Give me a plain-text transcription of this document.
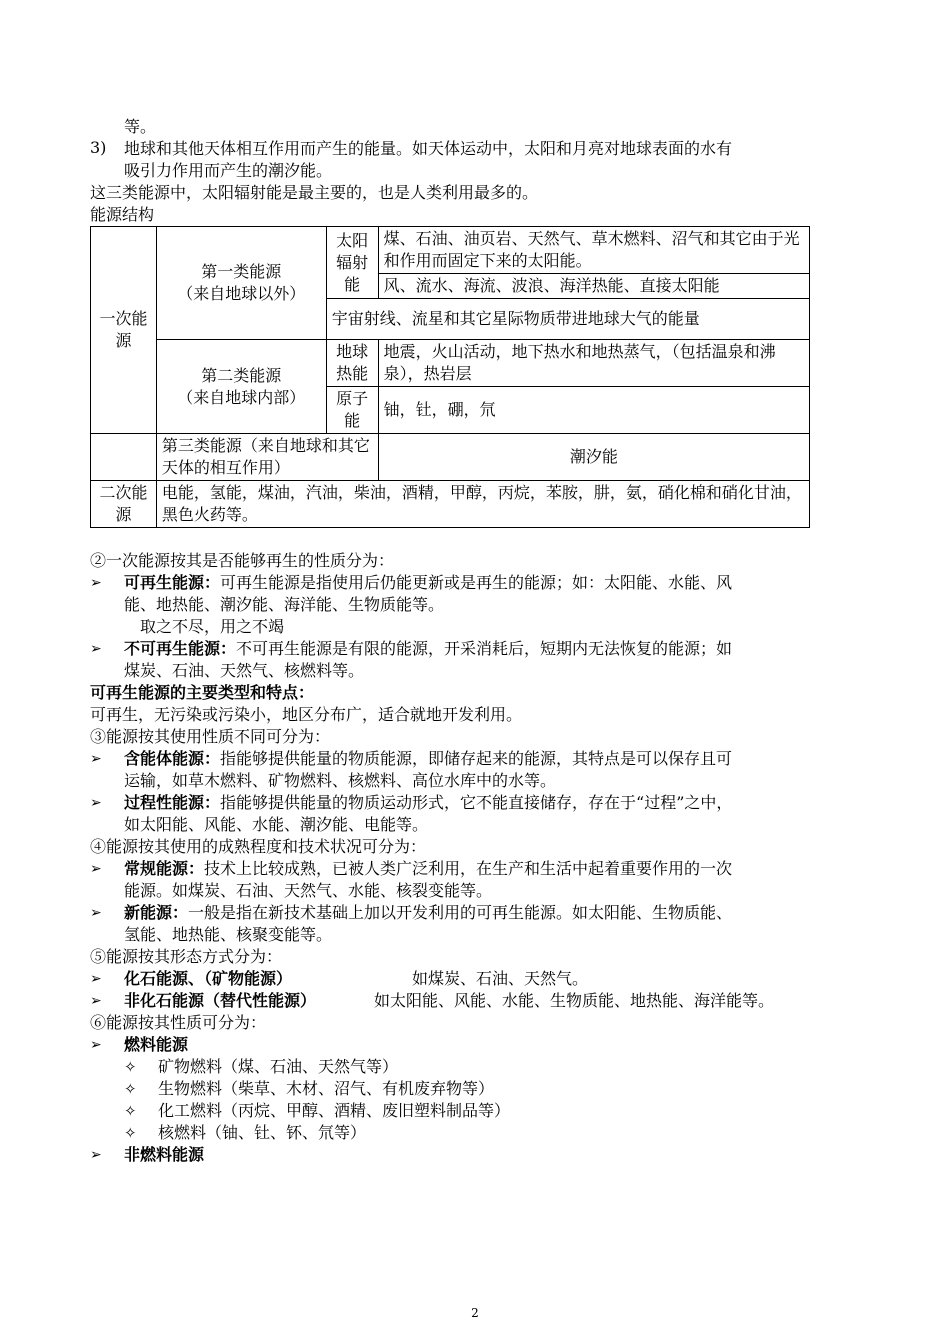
等。

3)	地球和其他天体相互作用而产生的能量。如天体运动中，太阳和月亮对地球表面的水有

吸引力作用而产生的潮汐能。

这三类能源中，太阳辐射能是最主要的，也是人类利用最多的。

能源结构

一次能源	第一类能源
（来自地球以外）	太阳辐射能	煤、石油、油页岩、天然气、草木燃料、沼气和其它由于光和作用而固定下来的太阳能。
			风、流水、海流、波浪、海洋热能、直接太阳能
		宇宙射线、流星和其它星际物质带进地球大气的能量	
	第二类能源
（来自地球内部）	地球热能	地震，火山活动，地下热水和地热蒸气，（包括温泉和沸泉），热岩层
		原子能	铀，钍，硼，氘
	第三类能源（来自地球和其它天体的相互作用）		潮汐能
二次能源	电能，氢能，煤油，汽油，柴油，酒精，甲醇，丙烷，苯胺，肼，氨，硝化棉和硝化甘油，黑色火药等。		

②一次能源按其是否能够再生的性质分为：

➢	可再生能源：可再生能源是指使用后仍能更新或是再生的能源；如：太阳能、水能、风

能、地热能、潮汐能、海洋能、生物质能等。

取之不尽，用之不竭

➢	不可再生能源：不可再生能源是有限的能源，开采消耗后，短期内无法恢复的能源；如

煤炭、石油、天然气、核燃料等。

可再生能源的主要类型和特点：

可再生，无污染或污染小，地区分布广，适合就地开发利用。

③能源按其使用性质不同可分为：

➢	含能体能源：指能够提供能量的物质能源，即储存起来的能源，其特点是可以保存且可

运输，如草木燃料、矿物燃料、核燃料、高位水库中的水等。

➢	过程性能源：指能够提供能量的物质运动形式，它不能直接储存，存在于“过程”之中，

如太阳能、风能、水能、潮汐能、电能等。

④能源按其使用的成熟程度和技术状况可分为：

➢	常规能源：技术上比较成熟，已被人类广泛利用，在生产和生活中起着重要作用的一次

能源。如煤炭、石油、天然气、水能、核裂变能等。

➢	新能源：一般是指在新技术基础上加以开发利用的可再生能源。如太阳能、生物质能、

氢能、地热能、核聚变能等。

⑤能源按其形态方式分为：

➢	化石能源、（矿物能源）	如煤炭、石油、天然气。

➢	非化石能源（替代性能源）	如太阳能、风能、水能、生物质能、地热能、海洋能等。

⑥能源按其性质可分为：

➢	燃料能源

✧	矿物燃料（煤、石油、天然气等）

✧	生物燃料（柴草、木材、沼气、有机废弃物等）

✧	化工燃料（丙烷、甲醇、酒精、废旧塑料制品等）

✧	核燃料（铀、钍、钚、氘等）

➢	非燃料能源

2
